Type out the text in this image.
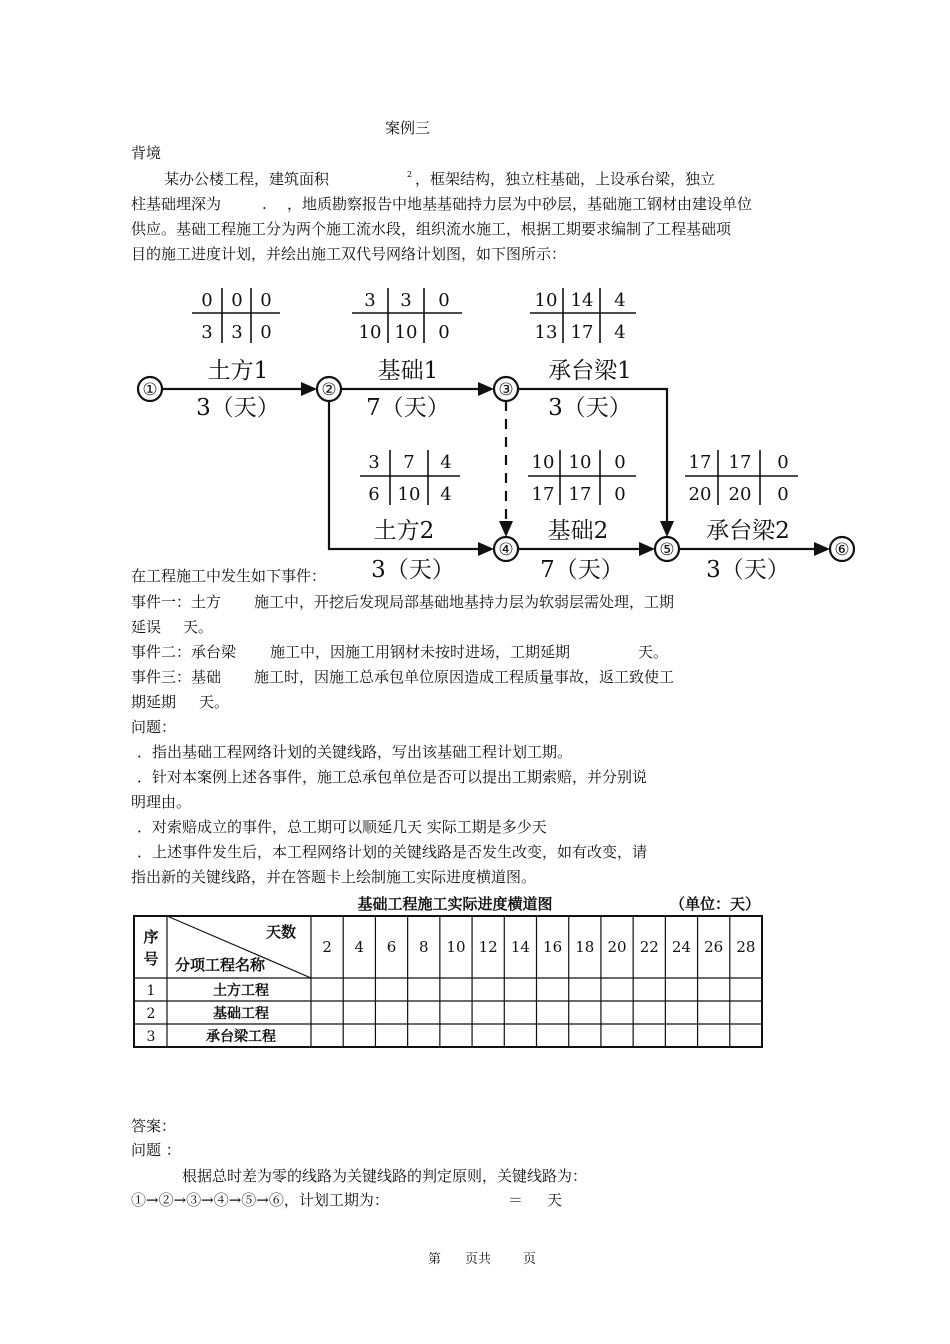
案例三
背境
某办公楼工程，建筑面积	2 ，框架结构，独立柱基础，上设承台梁，独立
柱基础埋深为	. ，地质勘察报告中地基基础持力层为中砂层，基础施工钢材由建设单位
供应。基础工程施工分为两个施工流水段，组织流水施工，根据工期要求编制了工程基础项
目的施工进度计划，并绘出施工双代号网络计划图，如下图所示：
0 0 0
3 3 0
3 3 0
10 10 0
10 14 4
13 17 4
3 7 4
6 10 4
10 10 0
17 17 0
17 17 0
20 20 0
①	②	③
④	⑤	⑥
土方1
3（天）
基础1
7（天）
承台梁1
3（天）
土方2
3（天）
基础2
7（天）
承台梁2
3（天）
在工程施工中发生如下事件：
事件一：土方 施工中，开挖后发现局部基础地基持力层为软弱层需处理，工期
延误 天。
事件二：承台梁 施工中，因施工用钢材未按时进场，工期延期	天。
事件三：基础 施工时，因施工总承包单位原因造成工程质量事故，返工致使工
期延期 天。
问题：
．指出基础工程网络计划的关键线路，写出该基础工程计划工期。
．针对本案例上述各事件，施工总承包单位是否可以提出工期索赔，并分别说
明理由。
．对索赔成立的事件，总工期可以顺延几天 实际工期是多少天
．上述事件发生后，本工程网络计划的关键线路是否发生改变，如有改变，请
指出新的关键线路，并在答题卡上绘制施工实际进度横道图。
基础工程施工实际进度横道图	（单位：天）
序
号
天数
分项工程名称
2 4 6 8 10 12 14 16 18 20 22 24 26 28
1	土方工程
2	基础工程
3	承台梁工程
答案：
问题 ：
根据总时差为零的线路为关键线路的判定原则，关键线路为：
①→②→③→④→⑤→⑥，计划工期为：	＝ 天
第 页共 页
